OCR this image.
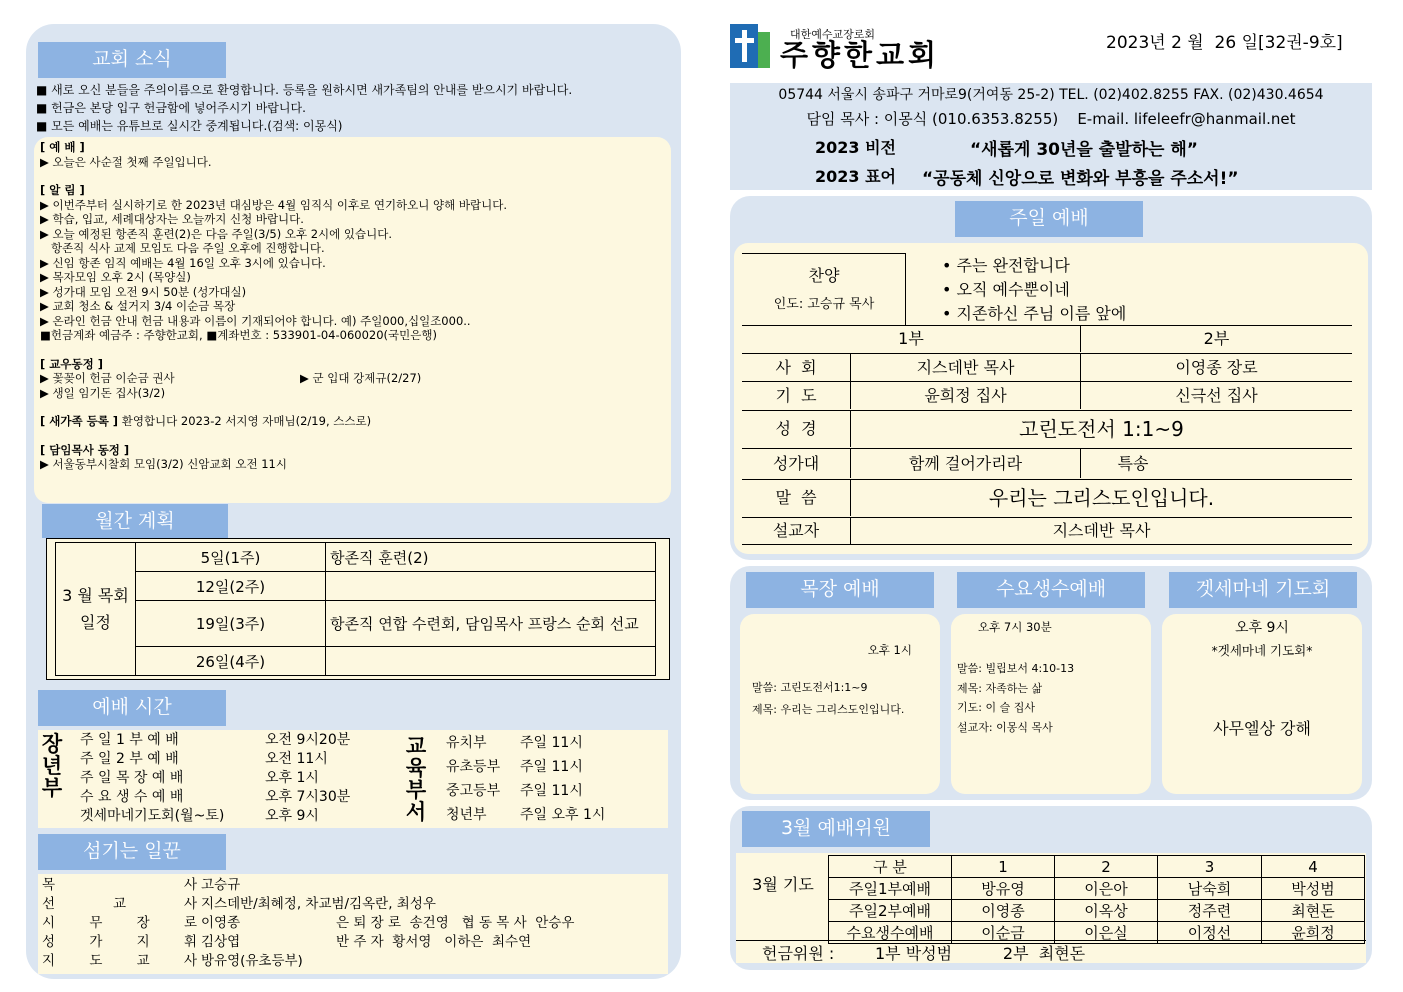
교회 소식
■ 새로 오신 분들을 주의이름으로 환영합니다. 등록을 원하시면 새가족팀의 안내를 받으시기 바랍니다.
■ 헌금은 본당 입구 헌금함에 넣어주시기 바랍니다.
■ 모든 예배는 유튜브로 실시간 중계됩니다.(검색: 이몽식)
[ 예 배 ]
▶ 오늘은 사순절 첫째 주일입니다.
[ 알 림 ]
▶ 이번주부터 실시하기로 한 2023년 대심방은 4월 임직식 이후로 연기하오니 양해 바랍니다.
▶ 학습, 입교, 세례대상자는 오늘까지 신청 바랍니다.
▶ 오늘 예정된 항존직 훈련(2)은 다음 주일(3/5) 오후 2시에 있습니다.
항존직 식사 교제 모임도 다음 주일 오후에 진행합니다.
▶ 신임 항존 임직 예배는 4월 16일 오후 3시에 있습니다.
▶ 목자모임 오후 2시 (목양실)
▶ 성가대 모임 오전 9시 50분 (성가대실)
▶ 교회 청소 & 설거지 3/4 이순금 목장
▶ 온라인 헌금 안내 헌금 내용과 이름이 기재되어야 합니다. 예) 주일000,십일조000..
■헌금계좌 예금주 : 주향한교회, ■계좌번호 : 533901-04-060020(국민은행)
[ 교우동정 ]
▶ 꽃꽂이 헌금 이순금 권사	▶ 군 입대 강제규(2/27)
▶ 생일 임기돈 집사(3/2)
[ 새가족 등록 ] 환영합니다 2023-2 서지영 자매님(2/19, 스스로)
[ 담임목사 동정 ]
▶ 서울동부시찰회 모임(3/2) 신암교회 오전 11시
월간 계획
3 월 목회 일정	5일(1주)	항존직 훈련(2)
	12일(2주)	
	19일(3주)	항존직 연합 수련회, 담임목사 프랑스 순회 선교
	26일(4주)	
예배 시간
장년부
주 일 1 부 예 배	오전 9시20분
주 일 2 부 예 배	오전 11시
주 일 목 장 예 배	오후 1시
수 요 생 수 예 배	오후 7시30분
겟세마네기도회(월~토)	오후 9시
교육부서
유치부	주일 11시
유초등부	주일 11시
중고등부	주일 11시
청년부	주일 오후 1시
섬기는 일꾼
목 사 고승규
선 교 사 지스데반/최혜정, 차교범/김옥란, 최성우
시 무 장 로 이영종	은 퇴 장 로  송건영   협 동 목 사  안승우
성 가 지 휘 김상엽	반 주 자  황서영   이하은  최수연
지 도 교 사 방유영(유초등부)
대한예수교장로회
주향한교회	2023년 2 월  26 일[32권-9호]
05744 서울시 송파구 거마로9(거여동 25-2) TEL. (02)402.8255 FAX. (02)430.4654
담임 목사 : 이몽식 (010.6353.8255)    E-mail. lifeleefr@hanmail.net
2023 비전	“새롭게 30년을 출발하는 해”
2023 표어 “공동체 신앙으로 변화와 부흥을 주소서!”
주일 예배
찬양
인도: 고승규 목사
• 주는 완전합니다
• 오직 예수뿐이네
• 지존하신 주님 이름 앞에
1부	2부
사  회	지스데반 목사	이영종 장로
기  도	윤희정 집사	신극선 집사
성  경	고린도전서 1:1~9
성가대	함께 걸어가리라	특송
말  씀	우리는 그리스도인입니다.
설교자	지스데반 목사
목장 예배	수요생수예배	겟세마네 기도회
오후 1시
말씀: 고린도전서1:1~9
제목: 우리는 그리스도인입니다.
오후 7시 30분
말씀: 빌립보서 4:10-13
제목: 자족하는 삶
기도: 이 슬 집사
설교자: 이몽식 목사
오후 9시
*겟세마네 기도회*
사무엘상 강해
3월 예배위원
3월 기도
구 분	1	2	3	4
주일1부예배	방유영	이은아	남숙희	박성범
주일2부예배	이영종	이옥상	정주련	최현돈
수요생수예배	이순금	이은실	이정선	윤희정
헌금위원 :        1부 박성범          2부  최현돈
